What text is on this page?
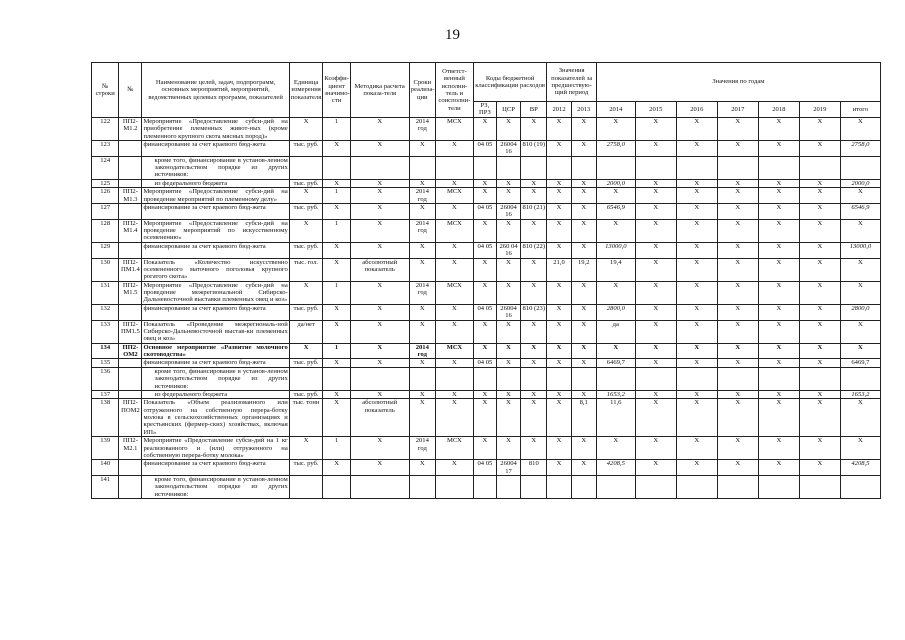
19
№ строки	№	Наименование целей, задач, подпрограмм, основных мероприятий, мероприятий, ведомственных целевых программ, показателей	Единица измерения показателя	Коэффи-циент значимо-сти	Методика расчета показа-теля	Сроки реализа-ции	Ответст-венный исполни-тель и соисполни-тели	Коды бюджетной классификации расходов			Значения показателей за предшествую-щий период		Значения по годам						
								РЗ, ПРЗ	ЦСР	ВР	2012	2013	2014	2015	2016	2017	2018	2019	итого
122	ПП2-М1.2	Мероприятие «Предоставление субси-дий на приобретение племенных живот-ных (кроме племенного крупного скота мясных пород)»	X	1	X	2014 год	МСХ	X	X	X	X	X	X	X	X	X	X	X	X
123		финансирование за счет краевого бюд-жета	тыс. руб.	X	X	X	X	04 05	26004 16	810 (19)	X	X	2758,0	X	X	X	X	X	2758,0
124		кроме того, финансирование в установ-ленном законодательством порядке из других источников:																	
125		из федерального бюджета	тыс. руб.	X	X	X	X	X	X	X	X	X	2000,0	X	X	X	X	X	2000,0
126	ПП2-М1.3	Мероприятие «Предоставление субси-дий на проведение мероприятий по племенному делу»	X	1	X	2014 год	МСХ	X	X	X	X	X	X	X	X	X	X	X	X
127		финансирование за счет краевого бюд-жета	тыс. руб.	X	X	X	X	04 05	26004 16	810 (21)	X	X	6546,9	X	X	X	X	X	6546,9
128	ПП2-М1.4	Мероприятие «Предоставление субси-дий на проведение мероприятий по искусственному осеменению»	X	1	X	2014 год	МСХ	X	X	X	X	X	X	X	X	X	X	X	X
129		финансирование за счет краевого бюд-жета	тыс. руб.	X	X	X	X	04 05	260 04 16	810 (22)	X	X	13000,0	X	X	X	X	X	13000,0
130	ПП2-ПМ1.4	Показатель «Количество искусственно осемененного маточного поголовья крупного рогатого скота»	тыс. гол.	X	абсолютный показатель	X	X	X	X	X	21,0	19,2	19,4	X	X	X	X	X	X
131	ПП2-М1.5	Мероприятие «Предоставление субси-дий на проведение межрегиональной Сибирско-Дальневосточной выставки племенных овец и коз»	X	1	X	2014 год	МСХ	X	X	X	X	X	X	X	X	X	X	X	X
132		финансирование за счет краевого бюд-жета	тыс. руб.	X	X	X	X	04 05	26004 16	810 (23)	X	X	2800,0	X	X	X	X	X	2800,0
133	ПП2-ПМ1.5	Показатель «Проведение межрегиональ-ной Сибирско-Дальневосточной выстав-ки племенных овец и коз»	да/нет	X	X	X	X	X	X	X	X	X	да	X	X	X	X	X	X
134	ПП2-ОМ2	Основное мероприятие «Развитие молочного скотоводства»	X	1	X	2014 год	МСХ	X	X	X	X	X	X	X	X	X	X	X	X
135		финансирование за счет краевого бюд-жета	тыс. руб.	X	X	X	X	04 05	X	X	X	X	6469,7	X	X	X	X	X	6469,7
136		кроме того, финансирование в установ-ленном законодательством порядке из других источников:																	
137		из федерального бюджета	тыс. руб.	X	X	X	X	X	X	X	X	X	1653,2	X	X	X	X	X	1653,2
138	ПП2-ПОМ2	Показатель «Объем реализованного или отгруженного на собственную перера-ботку молока в сельскохозяйственных организациях и крестьянских (фермер-ских) хозяйствах, включая ИП»	тыс. тонн	X	абсолютный показатель	X	X	X	X	X	X	8,1	11,6	X	X	X	X	X	X
139	ПП2-М2.1	Мероприятие «Предоставление субси-дий на 1 кг реализованного и (или) отгруженного на собственную перера-ботку молока»	X	1	X	2014 год	МСХ	X	X	X	X	X	X	X	X	X	X	X	X
140		финансирование за счет краевого бюд-жета	тыс. руб.	X	X	X	X	04 05	26004 17	810	X	X	4208,5	X	X	X	X	X	4208,5
141		кроме того, финансирование в установ-ленном законодательством порядке из других источников:																	
